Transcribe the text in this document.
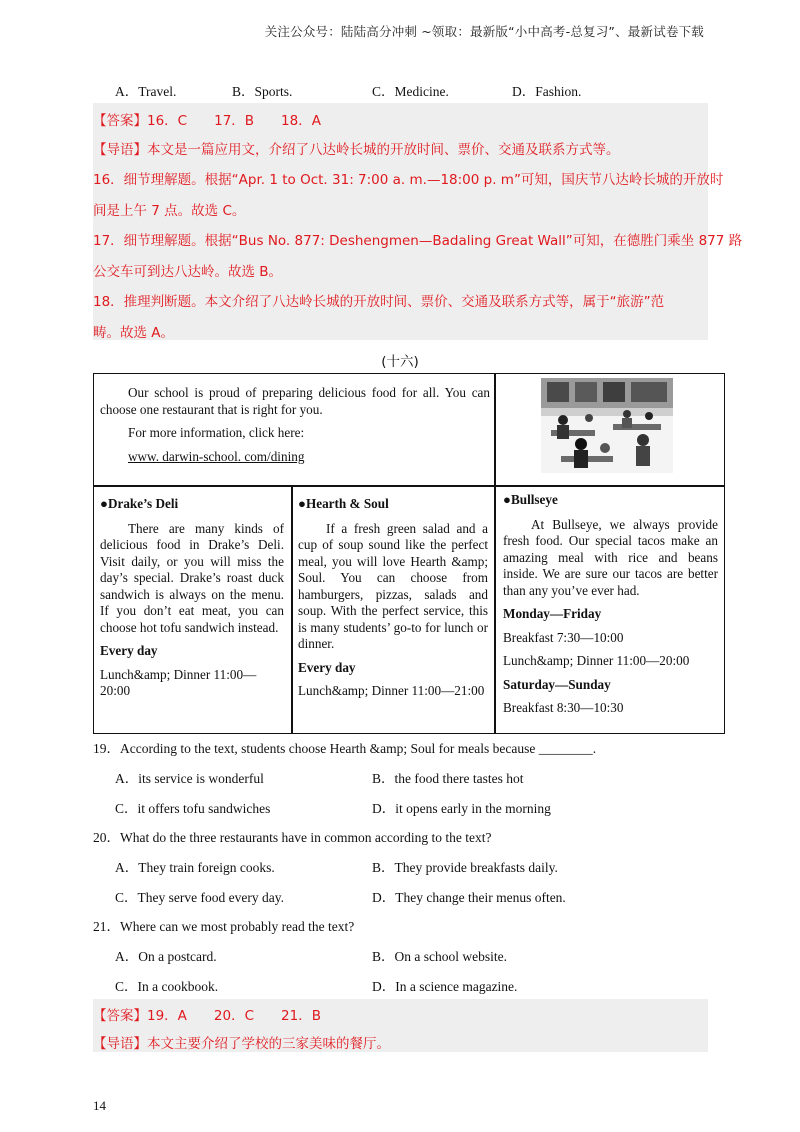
关注公众号：陆陆高分冲刺 ~领取：最新版“小中高考-总复习”、最新试卷下载
A．Travel.	B．Sports.	C．Medicine.	D．Fashion.
【答案】16．C　　17．B　　18．A
【导语】本文是一篇应用文，介绍了八达岭长城的开放时间、票价、交通及联系方式等。
16．细节理解题。根据“Apr. 1 to Oct. 31: 7:00 a. m.—18:00 p. m”可知，国庆节八达岭长城的开放时
间是上午 7 点。故选 C。
17．细节理解题。根据“Bus No. 877: Deshengmen—Badaling Great Wall”可知，在德胜门乘坐 877 路
公交车可到达八达岭。故选 B。
18．推理判断题。本文介绍了八达岭长城的开放时间、票价、交通及联系方式等，属于“旅游”范
畴。故选 A。
(十六)
Our school is proud of preparing delicious food for all. You can choose one restaurant that is right for you.
For more information, click here:
www. darwin-school. com/dining
●Drake’s Deli
There are many kinds of delicious food in Drake’s Deli. Visit daily, or you will miss the day’s special. Drake’s roast duck sandwich is always on the menu. If you don’t eat meat, you can choose hot tofu sandwich instead.
Every day
Lunch&amp; Dinner 11:00—20:00
●Hearth & Soul
If a fresh green salad and a cup of soup sound like the perfect meal, you will love Hearth &amp; Soul. You can choose from hamburgers, pizzas, salads and soup. With the perfect service, this is many students’ go-to for lunch or dinner.
Every day
Lunch&amp; Dinner 11:00—21:00
●Bullseye
At Bullseye, we always provide fresh food. Our special tacos make an amazing meal with rice and beans inside. We are sure our tacos are better than any you’ve ever had.
Monday—Friday
Breakfast 7:30—10:00
Lunch&amp; Dinner 11:00—20:00
Saturday—Sunday
Breakfast 8:30—10:30
19．According to the text, students choose Hearth &amp; Soul for meals because ________.
A．its service is wonderful	B．the food there tastes hot
C．it offers tofu sandwiches	D．it opens early in the morning
20．What do the three restaurants have in common according to the text?
A．They train foreign cooks.	B．They provide breakfasts daily.
C．They serve food every day.	D．They change their menus often.
21．Where can we most probably read the text?
A．On a postcard.	B．On a school website.
C．In a cookbook.	D．In a science magazine.
【答案】19．A　　20．C　　21．B
【导语】本文主要介绍了学校的三家美味的餐厅。
14
